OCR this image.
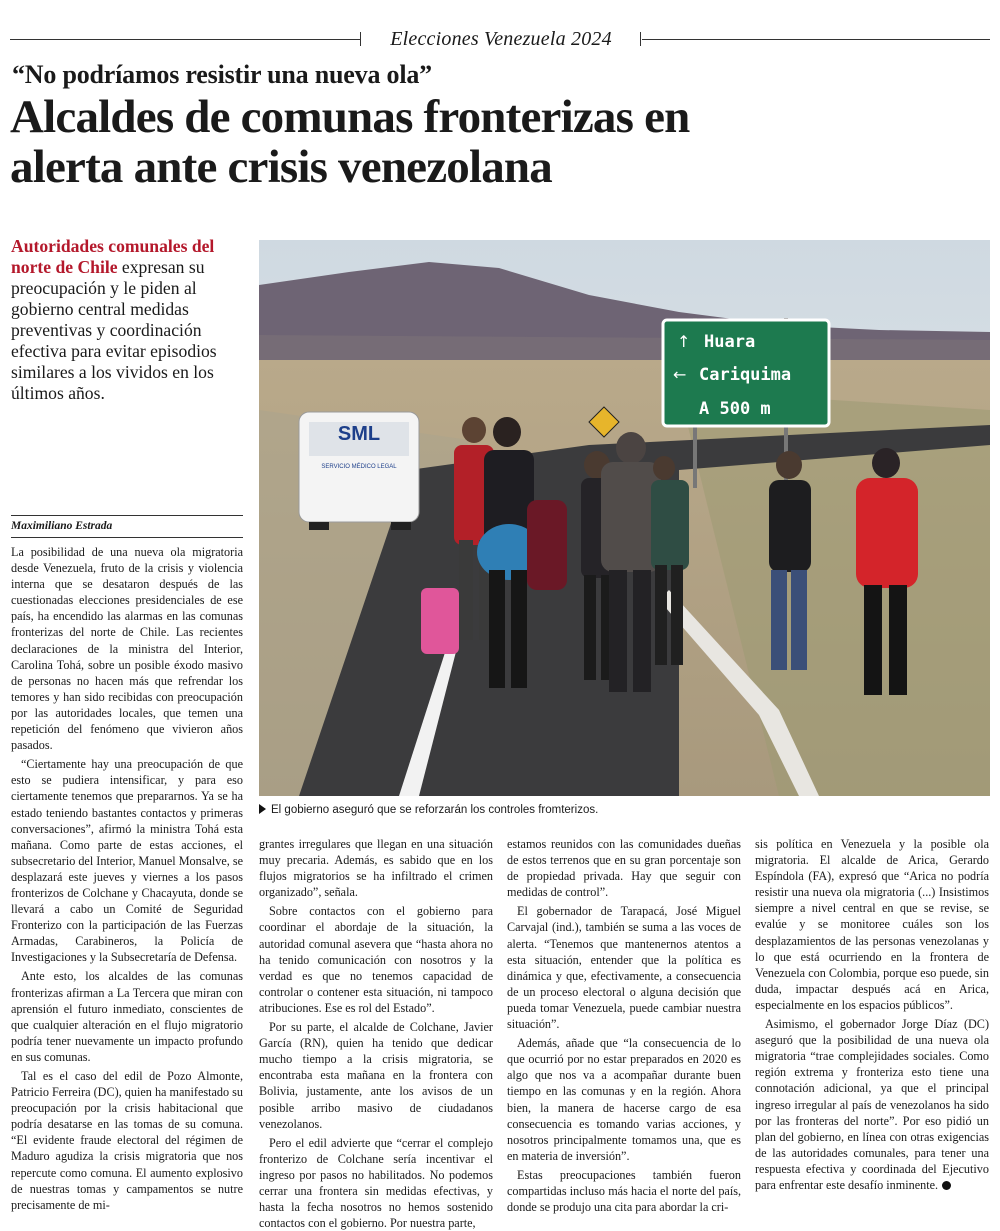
Elecciones Venezuela 2024
“No podríamos resistir una nueva ola”
Alcaldes de comunas fronterizas en alerta ante crisis venezolana
Autoridades comunales del norte de Chile expresan su preocupación y le piden al gobierno central medidas preventivas y coordinación efectiva para evitar episodios similares a los vividos en los últimos años.
Maximiliano Estrada
SML
SERVICIO MÉDICO LEGAL
Huara
Cariquima
A 500 m
↑
←
El gobierno aseguró que se reforzarán los controles fromterizos.

La posibilidad de una nueva ola migratoria desde Venezuela, fruto de la crisis y violencia interna que se desataron después de las cuestionadas elecciones presidenciales de ese país, ha encendido las alarmas en las comunas fronterizas del norte de Chile. Las recientes declaraciones de la ministra del Interior, Carolina Tohá, sobre un posible éxodo masivo de personas no hacen más que refrendar los temores y han sido recibidas con preocupación por las autoridades locales, que temen una repetición del fenómeno que vivieron años pasados.

“Ciertamente hay una preocupación de que esto se pudiera intensificar, y para eso ciertamente tenemos que prepararnos. Ya se ha estado teniendo bastantes contactos y primeras conversaciones”, afirmó la ministra Tohá esta mañana. Como parte de estas acciones, el subsecretario del Interior, Manuel Monsalve, se desplazará este jueves y viernes a los pasos fronterizos de Colchane y Chacayuta, donde se llevará a cabo un Comité de Seguridad Fronterizo con la participación de las Fuerzas Armadas, Carabineros, la Policía de Investigaciones y la Subsecretaría de Defensa.

Ante esto, los alcaldes de las comunas fronterizas afirman a La Tercera que miran con aprensión el futuro inmediato, conscientes de que cualquier alteración en el flujo migratorio podría tener nuevamente un impacto profundo en sus comunas.

Tal es el caso del edil de Pozo Almonte, Patricio Ferreira (DC), quien ha manifestado su preocupación por la crisis habitacional que podría desatarse en las tomas de su comuna. “El evidente fraude electoral del régimen de Maduro agudiza la crisis migratoria que nos repercute como comuna. El aumento explosivo de nuestras tomas y campamentos se nutre precisamente de mi-

grantes irregulares que llegan en una situación muy precaria. Además, es sabido que en los flujos migratorios se ha infiltrado el crimen organizado”, señala.

Sobre contactos con el gobierno para coordinar el abordaje de la situación, la autoridad comunal asevera que “hasta ahora no ha tenido comunicación con nosotros y la verdad es que no tenemos capacidad de controlar o contener esta situación, ni tampoco atribuciones. Ese es rol del Estado”.

Por su parte, el alcalde de Colchane, Javier García (RN), quien ha tenido que dedicar mucho tiempo a la crisis migratoria, se encontraba esta mañana en la frontera con Bolivia, justamente, ante los avisos de un posible arribo masivo de ciudadanos venezolanos.

Pero el edil advierte que “cerrar el complejo fronterizo de Colchane sería incentivar el ingreso por pasos no habilitados. No podemos cerrar una frontera sin medidas efectivas, y hasta la fecha nosotros no hemos sostenido contactos con el gobierno. Por nuestra parte,

estamos reunidos con las comunidades dueñas de estos terrenos que en su gran porcentaje son de propiedad privada. Hay que seguir con medidas de control”.

El gobernador de Tarapacá, José Miguel Carvajal (ind.), también se suma a las voces de alerta. “Tenemos que mantenernos atentos a esta situación, entender que la política es dinámica y que, efectivamente, a consecuencia de un proceso electoral o alguna decisión que pueda tomar Venezuela, puede cambiar nuestra situación”.

Además, añade que “la consecuencia de lo que ocurrió por no estar preparados en 2020 es algo que nos va a acompañar durante buen tiempo en las comunas y en la región. Ahora bien, la manera de hacerse cargo de esa consecuencia es tomando varias acciones, y nosotros principalmente tomamos una, que es en materia de inversión”.

Estas preocupaciones también fueron compartidas incluso más hacia el norte del país, donde se produjo una cita para abordar la cri-

sis política en Venezuela y la posible ola migratoria. El alcalde de Arica, Gerardo Espíndola (FA), expresó que “Arica no podría resistir una nueva ola migratoria (...) Insistimos siempre a nivel central en que se revise, se evalúe y se monitoree cuáles son los desplazamientos de las personas venezolanas y lo que está ocurriendo en la frontera de Venezuela con Colombia, porque eso puede, sin duda, impactar después acá en Arica, especialmente en los espacios públicos”.

Asimismo, el gobernador Jorge Díaz (DC) aseguró que la posibilidad de una nueva ola migratoria “trae complejidades sociales. Como región extrema y fronteriza esto tiene una connotación adicional, ya que el principal ingreso irregular al país de venezolanos ha sido por las fronteras del norte”. Por eso pidió un plan del gobierno, en línea con otras exigencias de las autoridades comunales, para tener una respuesta efectiva y coordinada del Ejecutivo para enfrentar este desafío inminente.
